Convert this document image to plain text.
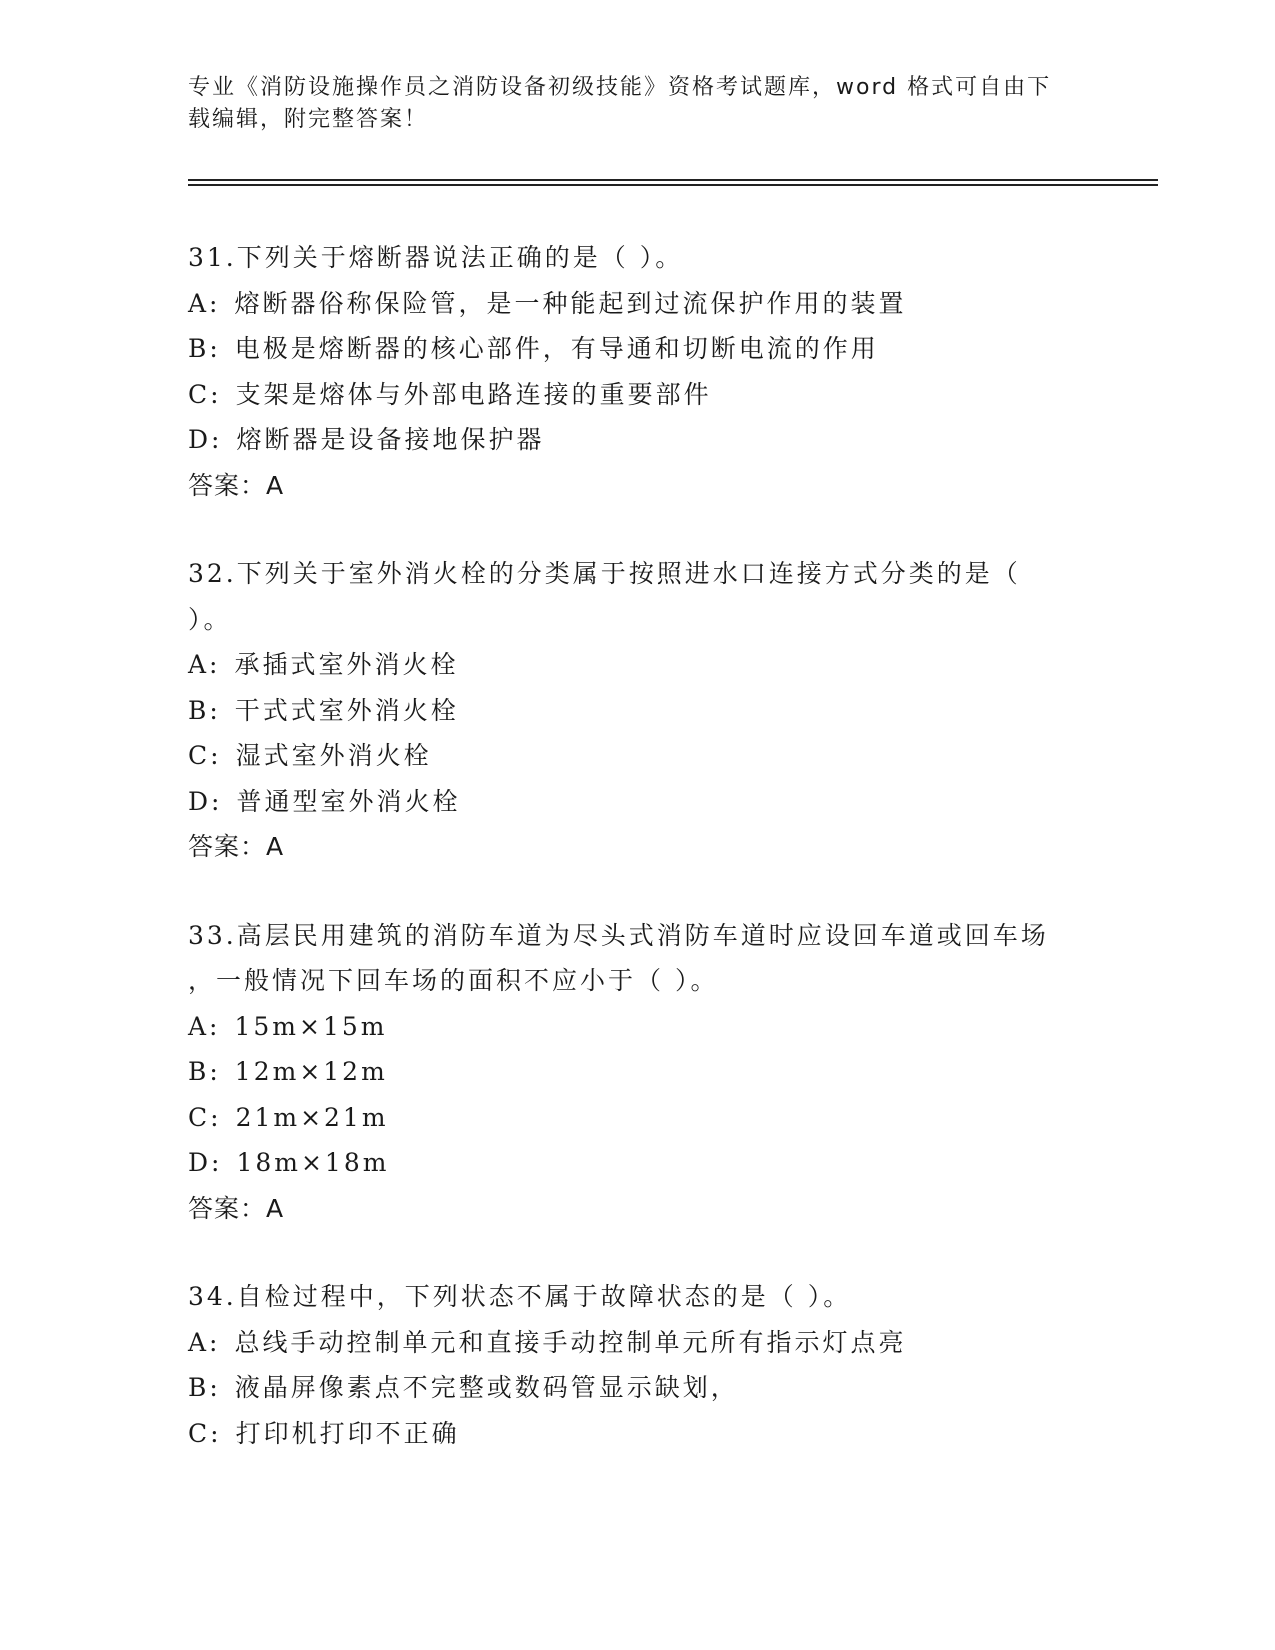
专业《消防设施操作员之消防设备初级技能》资格考试题库，word 格式可自由下
载编辑，附完整答案！
31.下列关于熔断器说法正确的是（ ）。
A: 熔断器俗称保险管，是一种能起到过流保护作用的装置
B: 电极是熔断器的核心部件，有导通和切断电流的作用
C: 支架是熔体与外部电路连接的重要部件
D: 熔断器是设备接地保护器
答案：A
32.下列关于室外消火栓的分类属于按照进水口连接方式分类的是（
）。
A: 承插式室外消火栓
B: 干式式室外消火栓
C: 湿式室外消火栓
D: 普通型室外消火栓
答案：A
33.高层民用建筑的消防车道为尽头式消防车道时应设回车道或回车场
，一般情况下回车场的面积不应小于（ ）。
A: 15m×15m
B: 12m×12m
C: 21m×21m
D: 18m×18m
答案：A
34.自检过程中，下列状态不属于故障状态的是（ ）。
A: 总线手动控制单元和直接手动控制单元所有指示灯点亮
B: 液晶屏像素点不完整或数码管显示缺划，
C: 打印机打印不正确
